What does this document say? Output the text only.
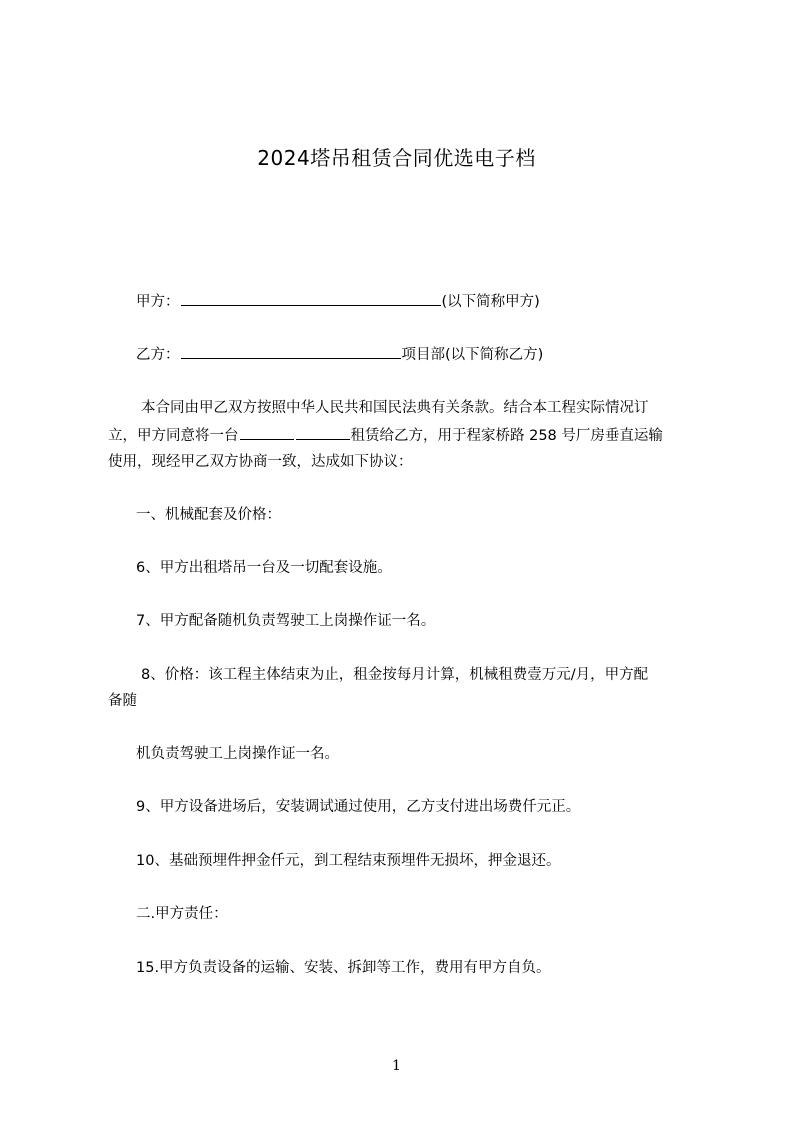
2024塔吊租赁合同优选电子档
甲方：	(以下简称甲方)
乙方：	项目部(以下简称乙方)
本合同由甲乙双方按照中华人民共和国民法典有关条款。结合本工程实际情况订
立，甲方同意将一台	租赁给乙方，用于程家桥路 258 号厂房垂直运输
使用，现经甲乙双方协商一致，达成如下协议：
一、机械配套及价格：
6、甲方出租塔吊一台及一切配套设施。
7、甲方配备随机负责驾驶工上岗操作证一名。
8、价格：该工程主体结束为止，租金按每月计算，机械租费壹万元/月，甲方配
备随
机负责驾驶工上岗操作证一名。
9、甲方设备进场后，安装调试通过使用，乙方支付进出场费仟元正。
10、基础预埋件押金仟元，到工程结束预埋件无损坏，押金退还。
二.甲方责任：
15.甲方负责设备的运输、安装、拆卸等工作，费用有甲方自负。
1
